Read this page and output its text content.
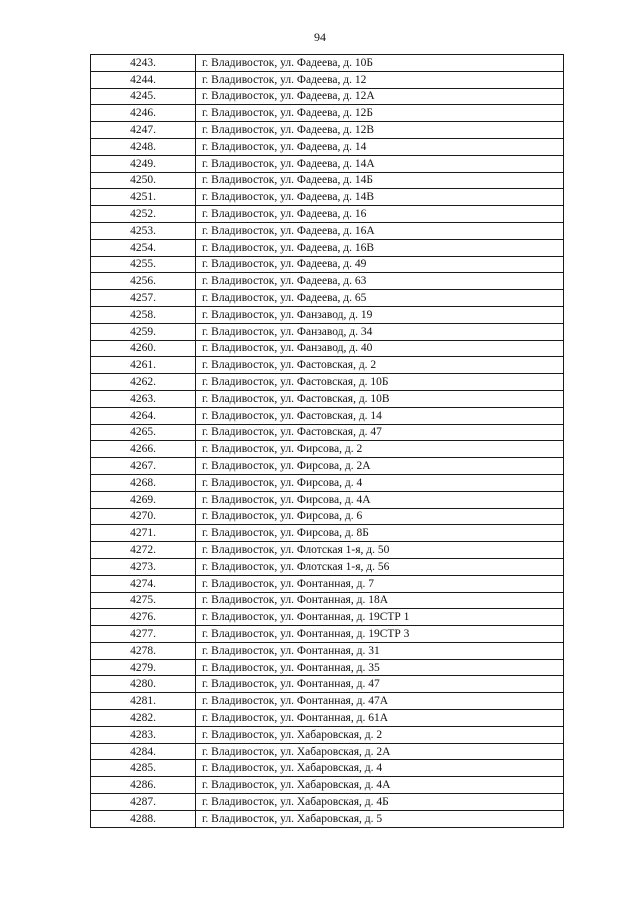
94
4243.	г. Владивосток, ул. Фадеева, д. 10Б
4244.	г. Владивосток, ул. Фадеева, д. 12
4245.	г. Владивосток, ул. Фадеева, д. 12А
4246.	г. Владивосток, ул. Фадеева, д. 12Б
4247.	г. Владивосток, ул. Фадеева, д. 12В
4248.	г. Владивосток, ул. Фадеева, д. 14
4249.	г. Владивосток, ул. Фадеева, д. 14А
4250.	г. Владивосток, ул. Фадеева, д. 14Б
4251.	г. Владивосток, ул. Фадеева, д. 14В
4252.	г. Владивосток, ул. Фадеева, д. 16
4253.	г. Владивосток, ул. Фадеева, д. 16А
4254.	г. Владивосток, ул. Фадеева, д. 16В
4255.	г. Владивосток, ул. Фадеева, д. 49
4256.	г. Владивосток, ул. Фадеева, д. 63
4257.	г. Владивосток, ул. Фадеева, д. 65
4258.	г. Владивосток, ул. Фанзавод, д. 19
4259.	г. Владивосток, ул. Фанзавод, д. 34
4260.	г. Владивосток, ул. Фанзавод, д. 40
4261.	г. Владивосток, ул. Фастовская, д. 2
4262.	г. Владивосток, ул. Фастовская, д. 10Б
4263.	г. Владивосток, ул. Фастовская, д. 10В
4264.	г. Владивосток, ул. Фастовская, д. 14
4265.	г. Владивосток, ул. Фастовская, д. 47
4266.	г. Владивосток, ул. Фирсова, д. 2
4267.	г. Владивосток, ул. Фирсова, д. 2А
4268.	г. Владивосток, ул. Фирсова, д. 4
4269.	г. Владивосток, ул. Фирсова, д. 4А
4270.	г. Владивосток, ул. Фирсова, д. 6
4271.	г. Владивосток, ул. Фирсова, д. 8Б
4272.	г. Владивосток, ул. Флотская 1-я, д. 50
4273.	г. Владивосток, ул. Флотская 1-я, д. 56
4274.	г. Владивосток, ул. Фонтанная, д. 7
4275.	г. Владивосток, ул. Фонтанная, д. 18А
4276.	г. Владивосток, ул. Фонтанная, д. 19СТР 1
4277.	г. Владивосток, ул. Фонтанная, д. 19СТР 3
4278.	г. Владивосток, ул. Фонтанная, д. 31
4279.	г. Владивосток, ул. Фонтанная, д. 35
4280.	г. Владивосток, ул. Фонтанная, д. 47
4281.	г. Владивосток, ул. Фонтанная, д. 47А
4282.	г. Владивосток, ул. Фонтанная, д. 61А
4283.	г. Владивосток, ул. Хабаровская, д. 2
4284.	г. Владивосток, ул. Хабаровская, д. 2А
4285.	г. Владивосток, ул. Хабаровская, д. 4
4286.	г. Владивосток, ул. Хабаровская, д. 4А
4287.	г. Владивосток, ул. Хабаровская, д. 4Б
4288.	г. Владивосток, ул. Хабаровская, д. 5
